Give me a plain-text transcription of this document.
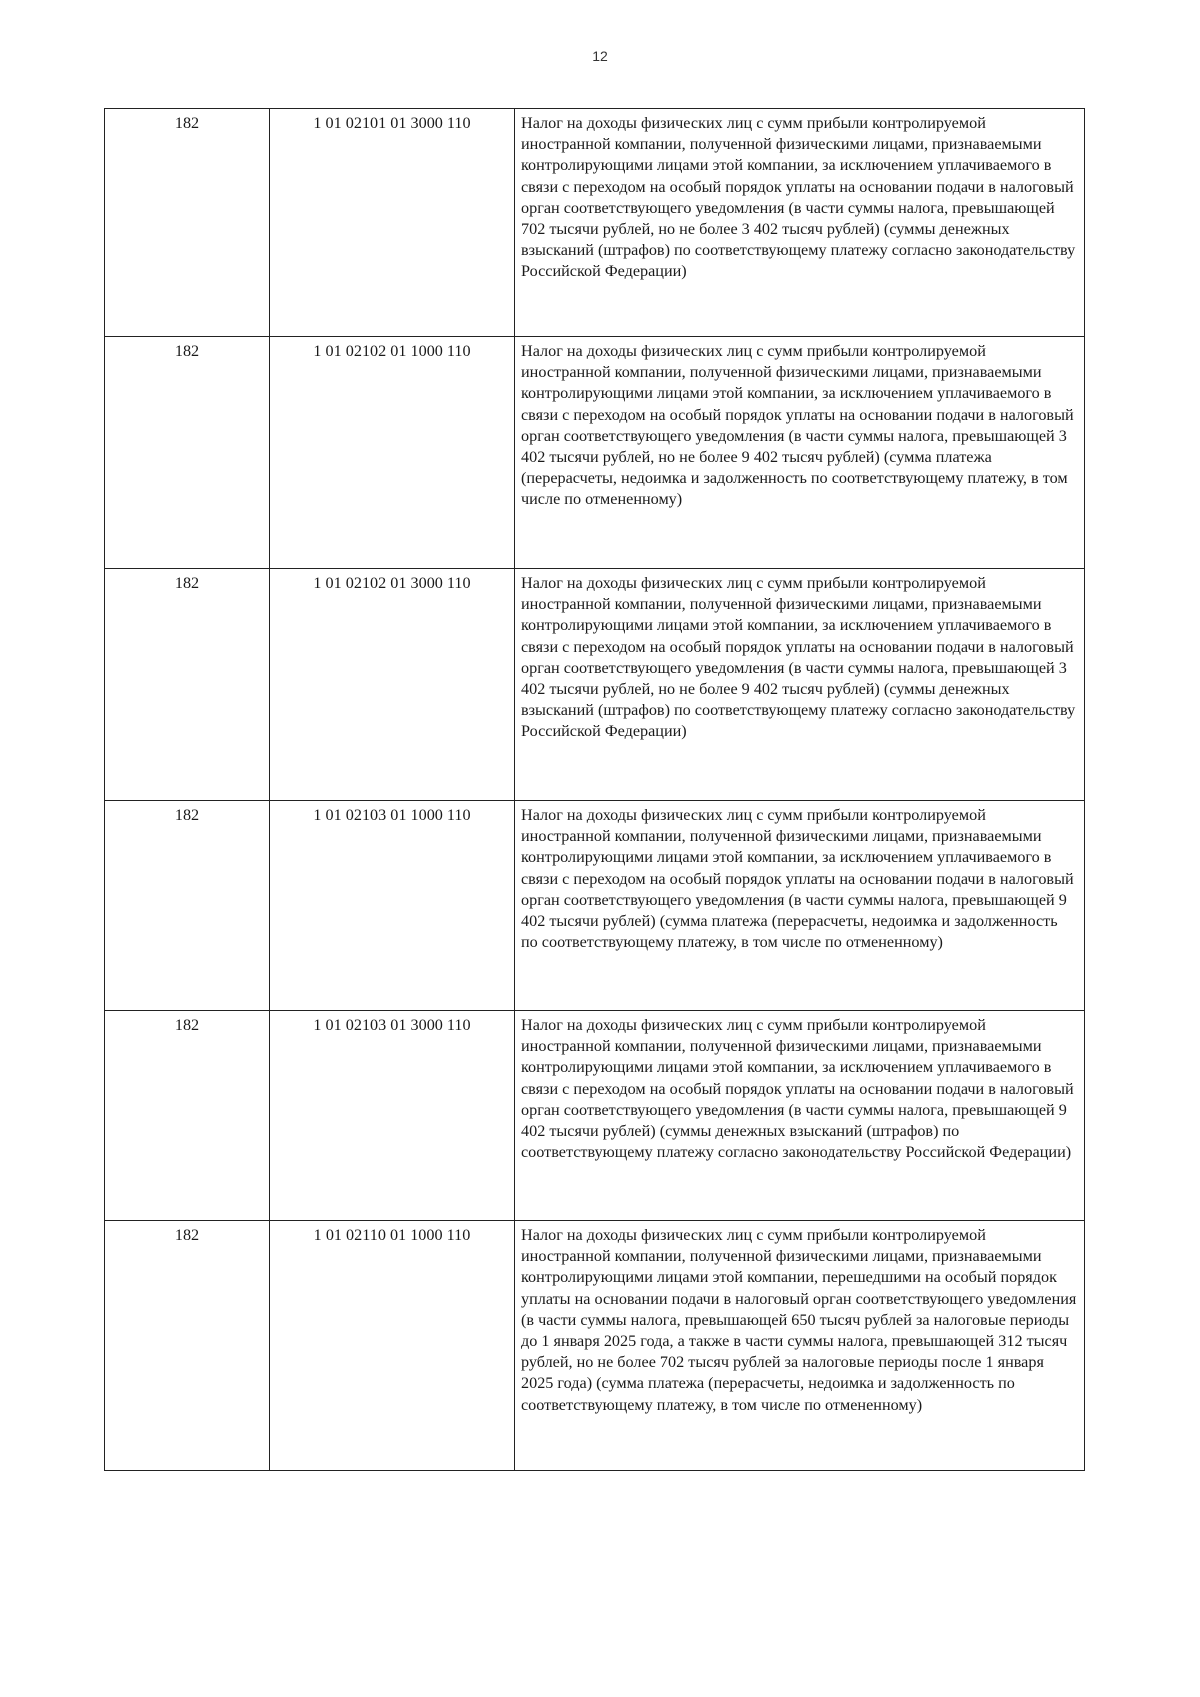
12
182	1 01 02101 01 3000 110	Налог на доходы физических лиц с сумм прибыли контролируемой иностранной компании, полученной физическими лицами, признаваемыми контролирующими лицами этой компании, за исключением уплачиваемого в связи с переходом на особый порядок уплаты на основании подачи в налоговый орган соответствующего уведомления (в части суммы налога, превышающей 702 тысячи рублей, но не более 3 402 тысяч рублей) (суммы денежных взысканий (штрафов) по соответствующему платежу согласно законодательству Российской Федерации)
182	1 01 02102 01 1000 110	Налог на доходы физических лиц с сумм прибыли контролируемой иностранной компании, полученной физическими лицами, признаваемыми контролирующими лицами этой компании, за исключением уплачиваемого в связи с переходом на особый порядок уплаты на основании подачи в налоговый орган соответствующего уведомления (в части суммы налога, превышающей 3 402 тысячи рублей, но не более 9 402 тысяч рублей) (сумма платежа (перерасчеты, недоимка и задолженность по соответствующему платежу, в том числе по отмененному)
182	1 01 02102 01 3000 110	Налог на доходы физических лиц с сумм прибыли контролируемой иностранной компании, полученной физическими лицами, признаваемыми контролирующими лицами этой компании, за исключением уплачиваемого в связи с переходом на особый порядок уплаты на основании подачи в налоговый орган соответствующего уведомления (в части суммы налога, превышающей 3 402 тысячи рублей, но не более 9 402 тысяч рублей) (суммы денежных взысканий (штрафов) по соответствующему платежу согласно законодательству Российской Федерации)
182	1 01 02103 01 1000 110	Налог на доходы физических лиц с сумм прибыли контролируемой иностранной компании, полученной физическими лицами, признаваемыми контролирующими лицами этой компании, за исключением уплачиваемого в связи с переходом на особый порядок уплаты на основании подачи в налоговый орган соответствующего уведомления (в части суммы налога, превышающей 9 402 тысячи рублей) (сумма платежа (перерасчеты, недоимка и задолженность по соответствующему платежу, в том числе по отмененному)
182	1 01 02103 01 3000 110	Налог на доходы физических лиц с сумм прибыли контролируемой иностранной компании, полученной физическими лицами, признаваемыми контролирующими лицами этой компании, за исключением уплачиваемого в связи с переходом на особый порядок уплаты на основании подачи в налоговый орган соответствующего уведомления (в части суммы налога, превышающей 9 402 тысячи рублей) (суммы денежных взысканий (штрафов) по соответствующему платежу согласно законодательству Российской Федерации)
182	1 01 02110 01 1000 110	Налог на доходы физических лиц с сумм прибыли контролируемой иностранной компании, полученной физическими лицами, признаваемыми контролирующими лицами этой компании, перешедшими на особый порядок уплаты на основании подачи в налоговый орган соответствующего уведомления (в части суммы налога, превышающей 650 тысяч рублей за налоговые периоды до 1 января 2025 года, а также в части суммы налога, превышающей 312 тысяч рублей, но не более 702 тысяч рублей за налоговые периоды после 1 января 2025 года) (сумма платежа (перерасчеты, недоимка и задолженность по соответствующему платежу, в том числе по отмененному)
